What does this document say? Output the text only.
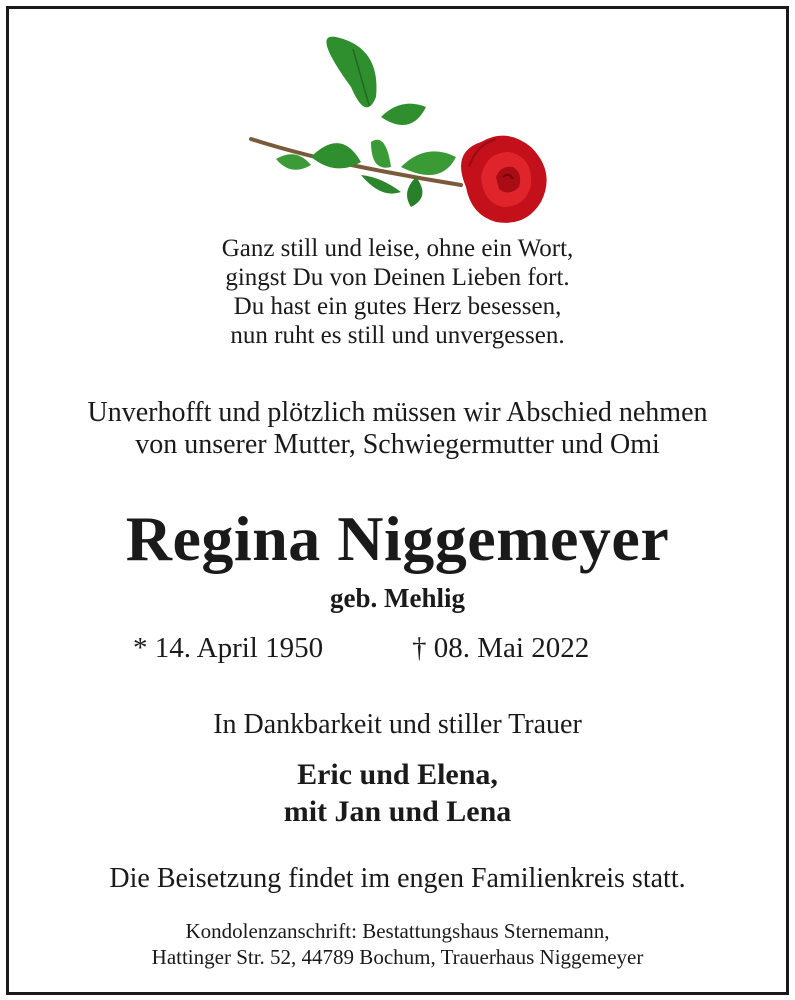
Ganz still und leise, ohne ein Wort,
gingst Du von Deinen Lieben fort.
Du hast ein gutes Herz besessen,
nun ruht es still und unvergessen.
Unverhofft und plötzlich müssen wir Abschied nehmen
von unserer Mutter, Schwiegermutter und Omi
Regina Niggemeyer
geb. Mehlig
* 14. April 1950	† 08. Mai 2022
In Dankbarkeit und stiller Trauer
Eric und Elena,
mit Jan und Lena
Die Beisetzung findet im engen Familienkreis statt.
Kondolenzanschrift: Bestattungshaus Sternemann,
Hattinger Str. 52, 44789 Bochum, Trauerhaus Niggemeyer
